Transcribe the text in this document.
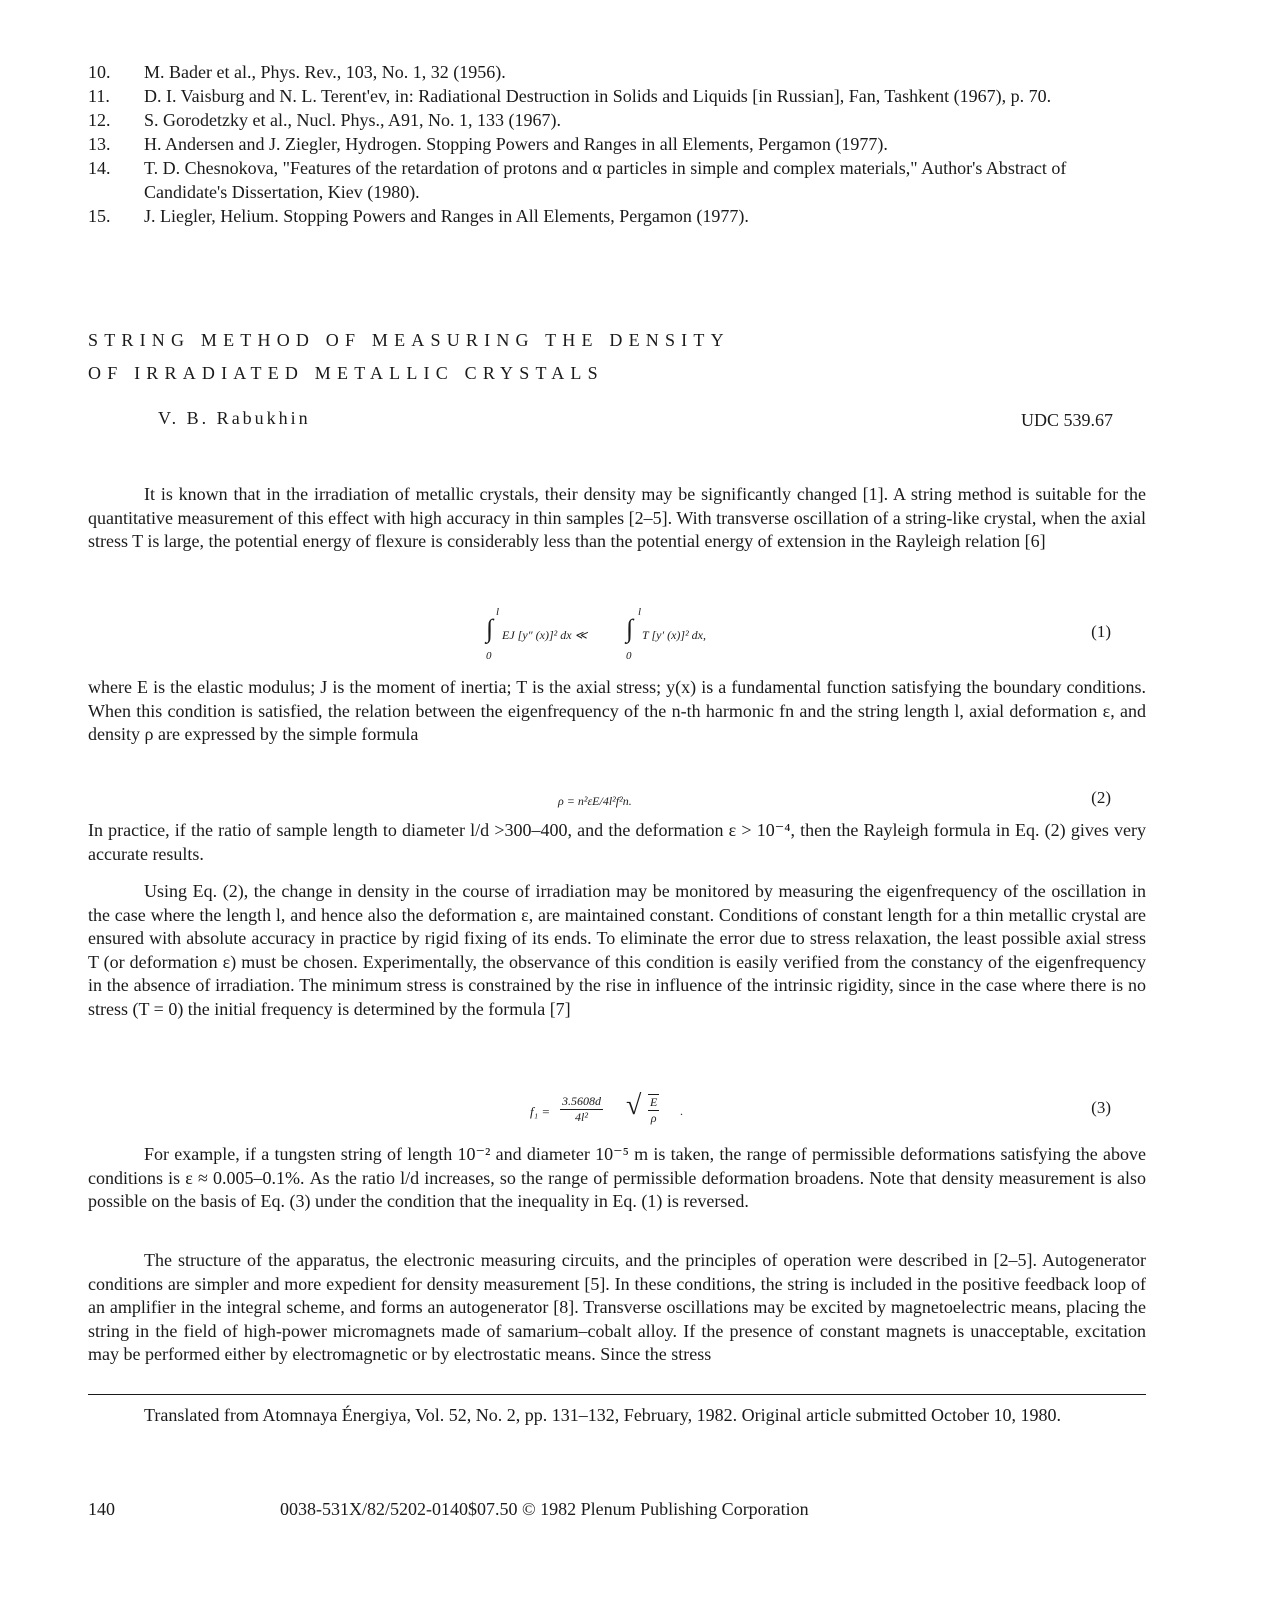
10.	M. Bader et al., Phys. Rev., 103, No. 1, 32 (1956).
11.	D. I. Vaisburg and N. L. Terent'ev, in: Radiational Destruction in Solids and Liquids [in Russian], Fan, Tashkent (1967), p. 70.
12.	S. Gorodetzky et al., Nucl. Phys., A91, No. 1, 133 (1967).
13.	H. Andersen and J. Ziegler, Hydrogen. Stopping Powers and Ranges in all Elements, Pergamon (1977).
14.	T. D. Chesnokova, "Features of the retardation of protons and α particles in simple and complex materials," Author's Abstract of Candidate's Dissertation, Kiev (1980).
15.	J. Liegler, Helium. Stopping Powers and Ranges in All Elements, Pergamon (1977).
STRING METHOD OF MEASURING THE DENSITY
OF IRRADIATED METALLIC CRYSTALS
V. B. Rabukhin	UDC 539.67

It is known that in the irradiation of metallic crystals, their density may be significantly changed [1]. A string method is suitable for the quantitative measurement of this effect with high accuracy in thin samples [2–5]. With transverse oscillation of a string-like crystal, when the axial stress T is large, the potential energy of flexure is considerably less than the potential energy of extension in the Rayleigh relation [6]

l
∫
0
EJ [y″ (x)]² dx ≪
l
∫
0
T [y′ (x)]² dx,	(1)

where E is the elastic modulus; J is the moment of inertia; T is the axial stress; y(x) is a fundamental function satisfying the boundary conditions. When this condition is satisfied, the relation between the eigenfrequency of the n-th harmonic fn and the string length l, axial deformation ε, and density ρ are expressed by the simple formula

ρ = n²εE/4l²f²n.	(2)

In practice, if the ratio of sample length to diameter l/d >300–400, and the deformation ε > 10⁻⁴, then the Rayleigh formula in Eq. (2) gives very accurate results.

Using Eq. (2), the change in density in the course of irradiation may be monitored by measuring the eigenfrequency of the oscillation in the case where the length l, and hence also the deformation ε, are maintained constant. Conditions of constant length for a thin metallic crystal are ensured with absolute accuracy in practice by rigid fixing of its ends. To eliminate the error due to stress relaxation, the least possible axial stress T (or deformation ε) must be chosen. Experimentally, the observance of this condition is easily verified from the constancy of the eigenfrequency in the absence of irradiation. The minimum stress is constrained by the rise in influence of the intrinsic rigidity, since in the case where there is no stress (T = 0) the initial frequency is determined by the formula [7]

$f_1 = \frac{3.5608d}{\text{4l²}}$ √ $\frac{E}{\rho}$ .	(3)

For example, if a tungsten string of length 10⁻² and diameter 10⁻⁵ m is taken, the range of permissible deformations satisfying the above conditions is ε ≈ 0.005–0.1%. As the ratio l/d increases, so the range of permissible deformation broadens. Note that density measurement is also possible on the basis of Eq. (3) under the condition that the inequality in Eq. (1) is reversed.

The structure of the apparatus, the electronic measuring circuits, and the principles of operation were described in [2–5]. Autogenerator conditions are simpler and more expedient for density measurement [5]. In these conditions, the string is included in the positive feedback loop of an amplifier in the integral scheme, and forms an autogenerator [8]. Transverse oscillations may be excited by magnetoelectric means, placing the string in the field of high-power micromagnets made of samarium–cobalt alloy. If the presence of constant magnets is unacceptable, excitation may be performed either by electromagnetic or by electrostatic means. Since the stress

Translated from Atomnaya Énergiya, Vol. 52, No. 2, pp. 131–132, February, 1982. Original article submitted October 10, 1980.

140	0038-531X/82/5202-0140$07.50 © 1982 Plenum Publishing Corporation
